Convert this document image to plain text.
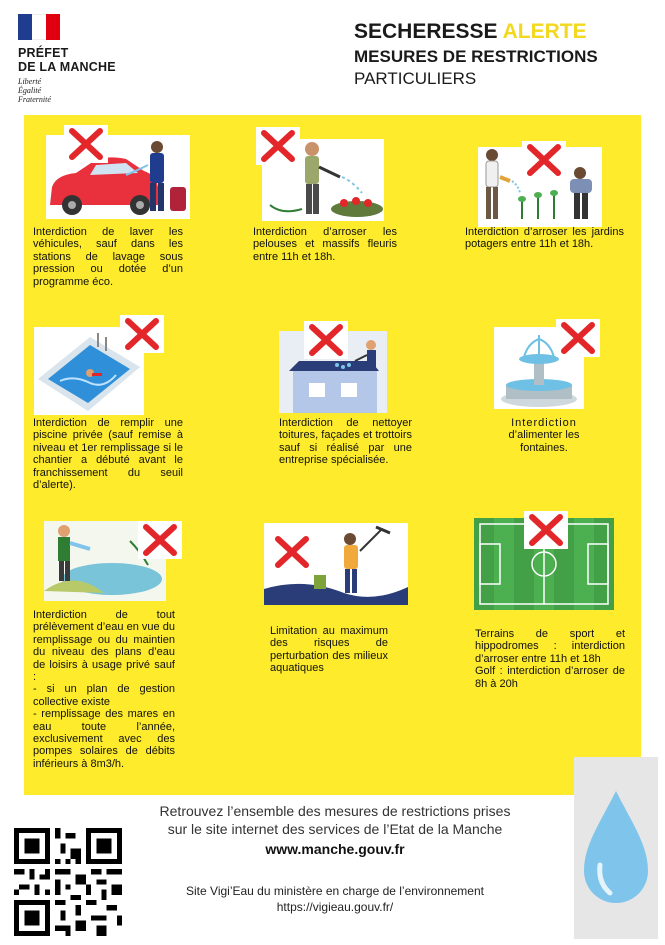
PRÉFET
DE LA MANCHE
Liberté
Égalité
Fraternité
SECHERESSE ALERTE
MESURES DE RESTRICTIONS
PARTICULIERS
Interdiction de laver les véhicules, sauf dans les stations de lavage sous pression ou dotée d’un programme éco.
Interdiction d’arroser les pelouses et massifs fleuris entre 11h et 18h.
Interdiction d’arroser les jardins potagers entre 11h et 18h.
Interdiction de remplir une piscine privée (sauf remise à niveau et 1er remplissage si le chantier a débuté avant le franchissement du seuil d’alerte).
Interdiction de nettoyer toitures, façades et trottoirs sauf si réalisé par une entreprise spécialisée.
Interdiction
d’alimenter les
fontaines.
Interdiction de tout prélèvement d’eau en vue du remplissage ou du maintien du niveau des plans d’eau de loisirs à usage privé sauf :
- si un plan de gestion collective existe
- remplissage des mares en eau toute l’année, exclusivement avec des pompes solaires de débits inférieurs à 8m3/h.
Limitation au maximum des risques de perturbation des milieux aquatiques
Terrains de sport et hippodromes : interdiction d’arroser entre 11h et 18h
Golf : interdiction d’arroser de 8h à 20h
Retrouvez l’ensemble des mesures de restrictions prises
sur le site internet des services de l’Etat de la Manche
www.manche.gouv.fr
Site Vigi’Eau du ministère en charge de l’environnement
https://vigieau.gouv.fr/
